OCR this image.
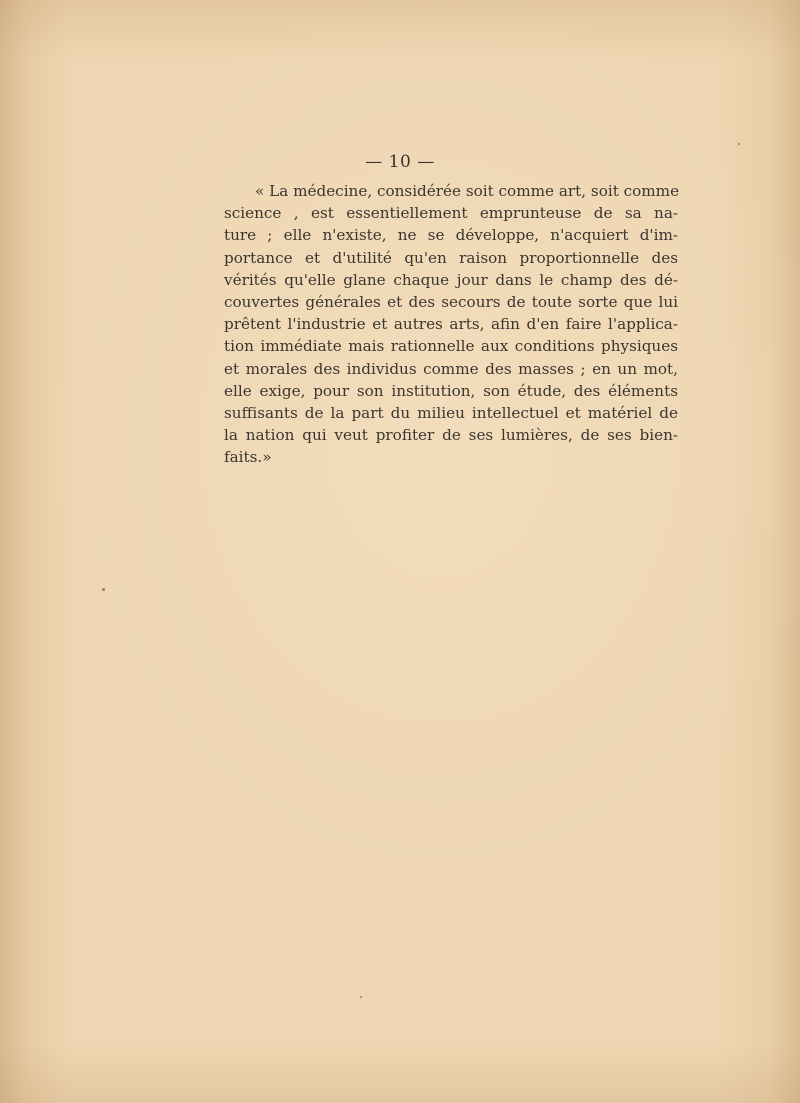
— 10 —
« La médecine, considérée soit comme art, soit comme
science , est essentiellement emprunteuse de sa na-
ture ; elle n'existe, ne se développe, n'acquiert d'im-
portance et d'utilité qu'en raison proportionnelle des
vérités qu'elle glane chaque jour dans le champ des dé-
couvertes générales et des secours de toute sorte que lui
prêtent l'industrie et autres arts, afin d'en faire l'applica-
tion immédiate mais rationnelle aux conditions physiques
et morales des individus comme des masses ; en un mot,
elle exige, pour son institution, son étude, des éléments
suffisants de la part du milieu intellectuel et matériel de
la nation qui veut profiter de ses lumières, de ses bien-
faits.»
